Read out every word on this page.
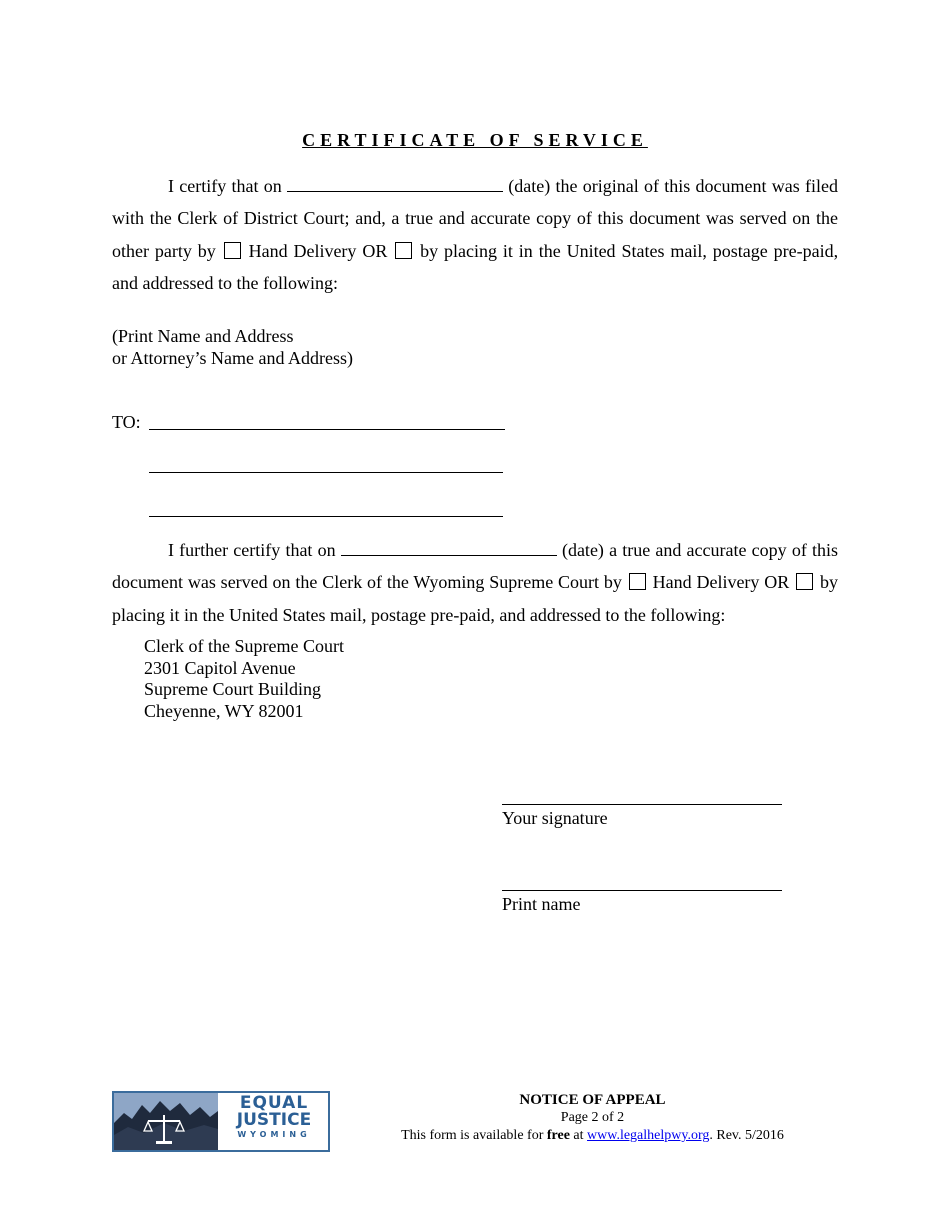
CERTIFICATE OF SERVICE
I certify that on	(date) the original of this document was filed with the Clerk of District Court; and, a true and accurate copy of this document was served on the other party by Hand Delivery OR by placing it in the United States mail, postage pre-paid, and addressed to the following:
(Print Name and Address
or Attorney’s Name and Address)
TO:
I further certify that on	(date) a true and accurate copy of this document was served on the Clerk of the Wyoming Supreme Court by Hand Delivery OR by placing it in the United States mail, postage pre-paid, and addressed to the following:
Clerk of the Supreme Court
2301 Capitol Avenue
Supreme Court Building
Cheyenne, WY 82001
Your signature
Print name
EQUAL
JUSTICE
WYOMING
NOTICE OF APPEAL
Page 2 of 2
This form is available for free at www.legalhelpwy.org. Rev. 5/2016
